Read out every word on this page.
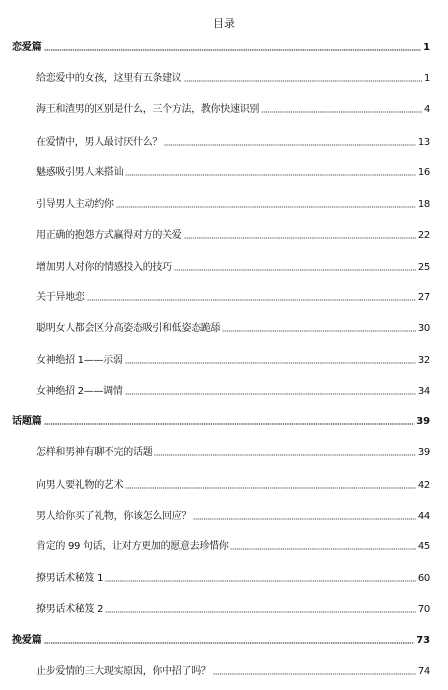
目录
恋爱篇	1
给恋爱中的女孩，这里有五条建议	1
海王和渣男的区别是什么，三个方法，教你快速识别	4
在爱情中，男人最讨厌什么？	13
魅惑吸引男人来搭讪	16
引导男人主动约你	18
用正确的抱怨方式赢得对方的关爱	22
增加男人对你的情感投入的技巧	25
关于异地恋	27
聪明女人都会区分高姿态吸引和低姿态跪舔	30
女神绝招 1——示弱	32
女神绝招 2——调情	34
话题篇	39
怎样和男神有聊不完的话题	39
向男人要礼物的艺术	42
男人给你买了礼物，你该怎么回应？	44
肯定的 99 句话，让对方更加的愿意去珍惜你	45
撩男话术秘笈 1	60
撩男话术秘笈 2	70
挽爱篇	73
止步爱情的三大现实原因，你中招了吗？	74
